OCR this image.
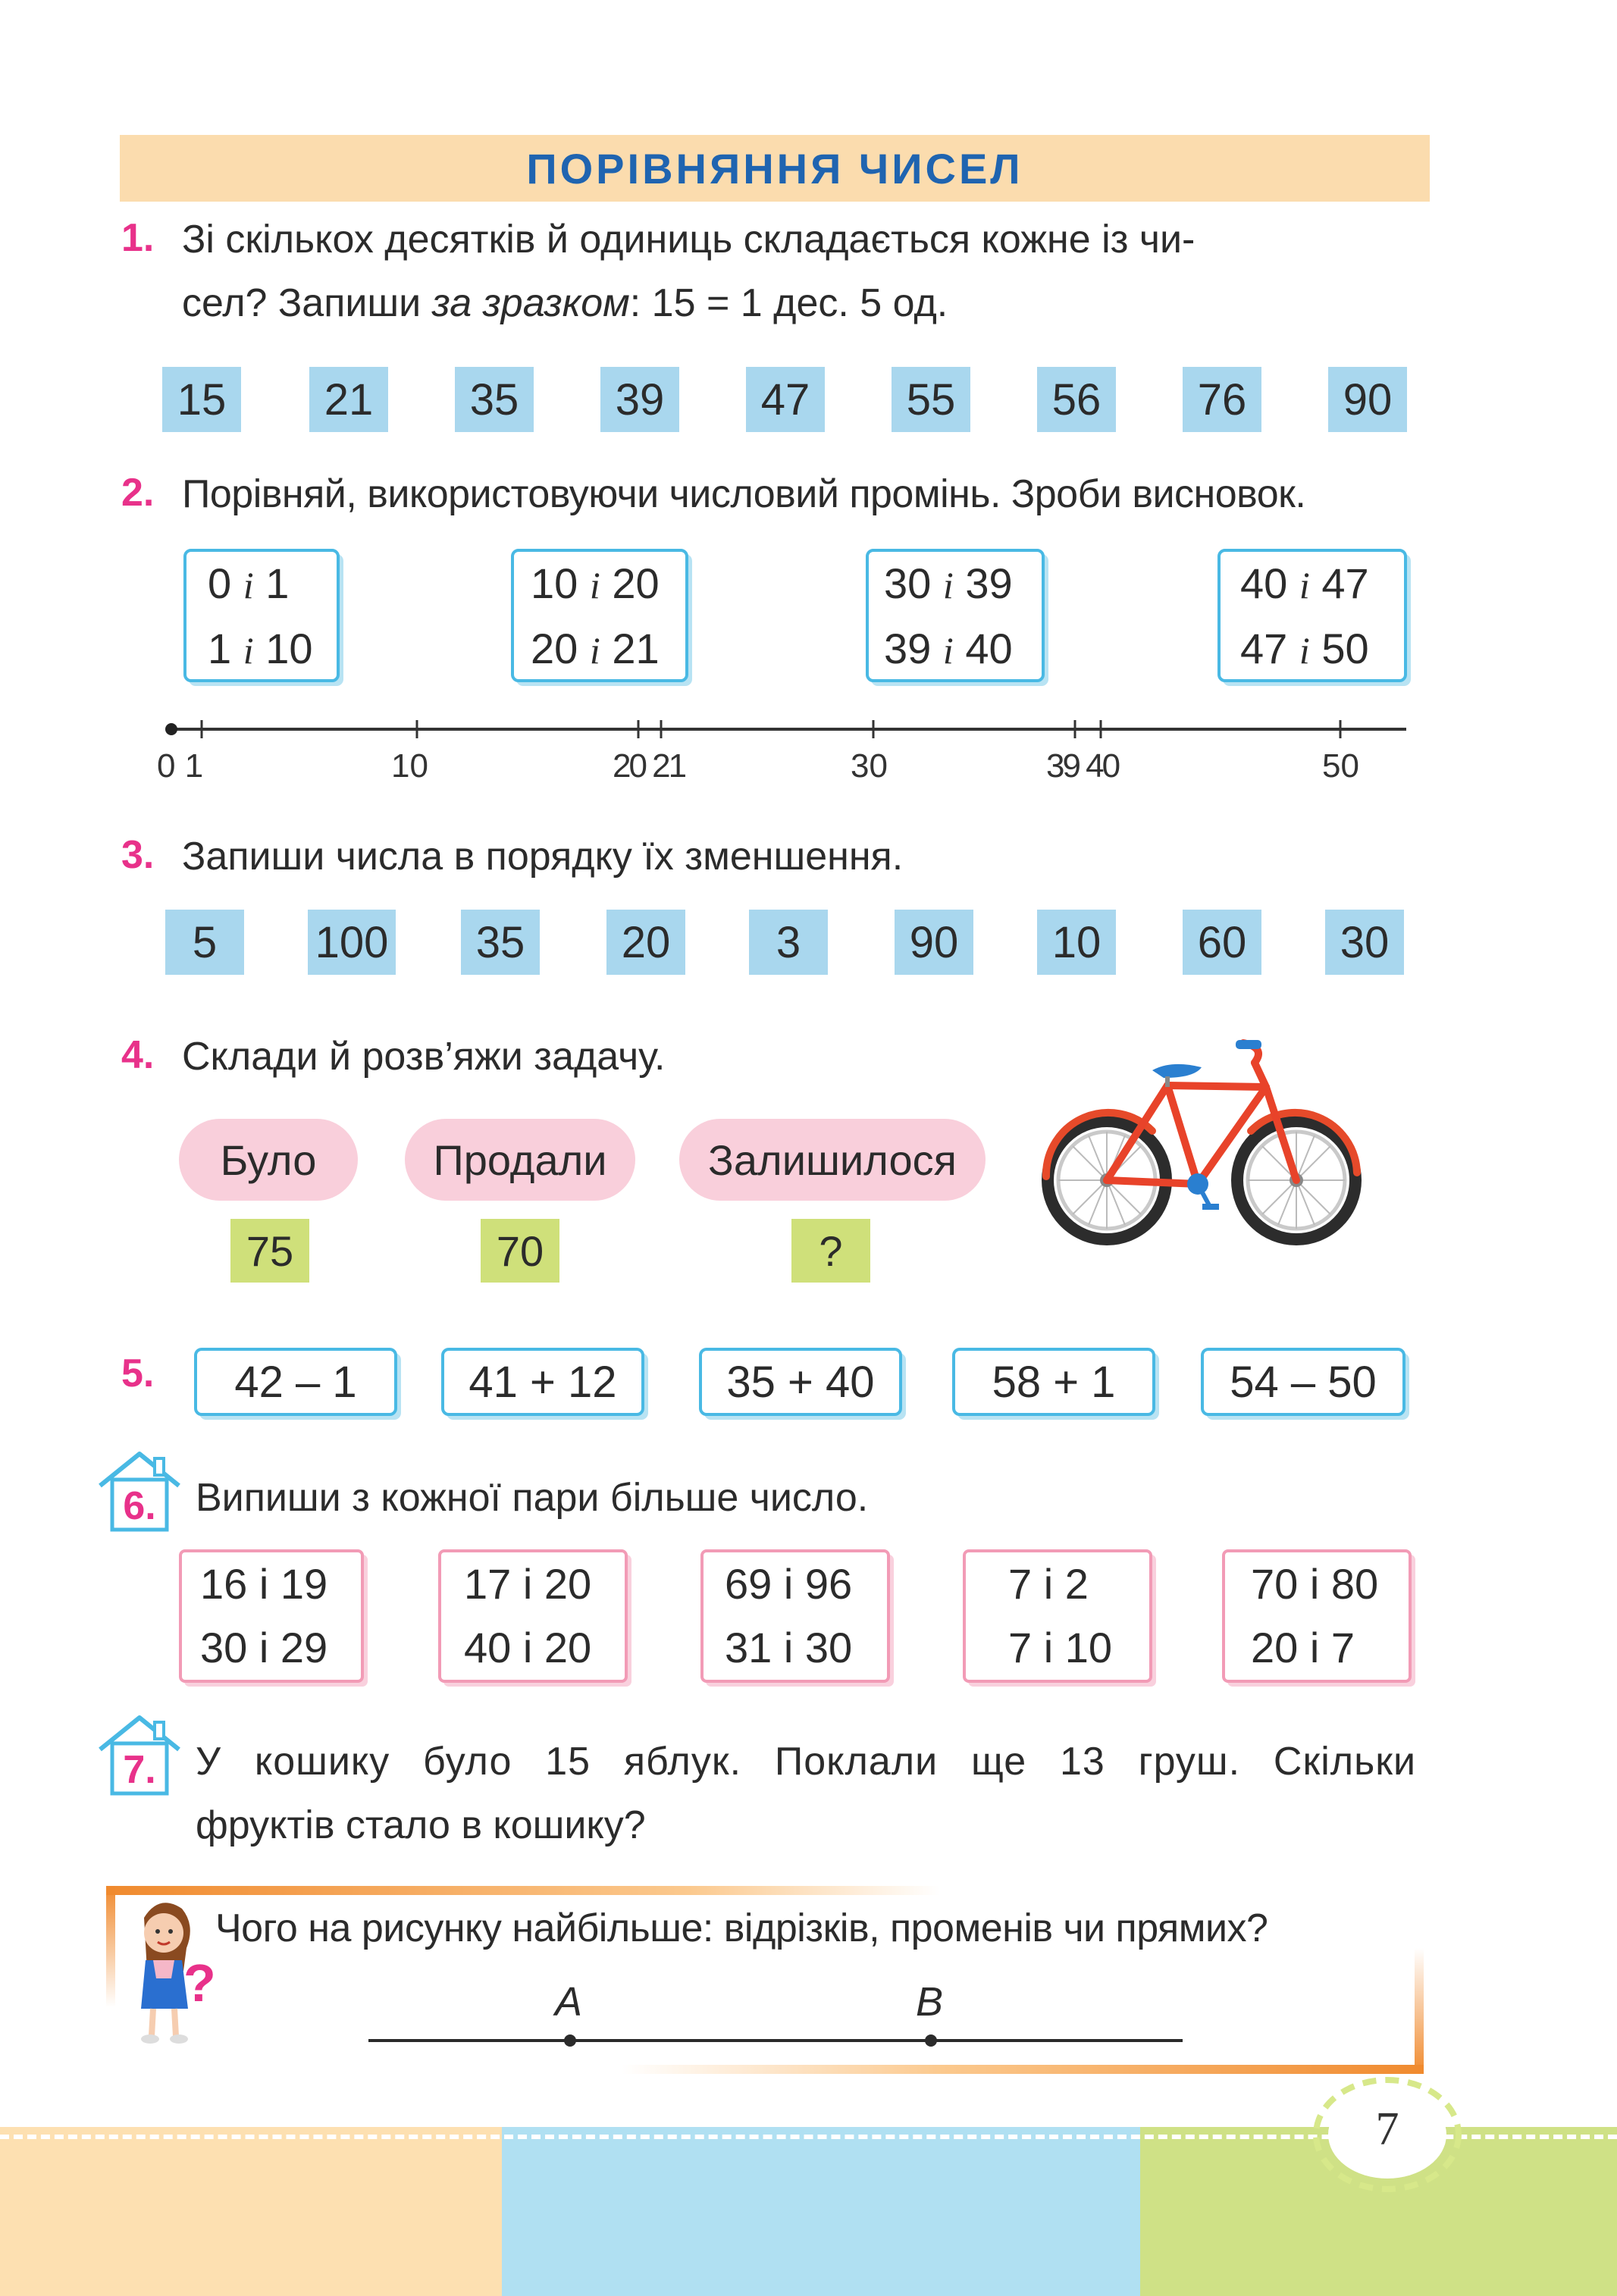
ПОРІВНЯННЯ ЧИСЕЛ
1. Зі скількох десятків й одиниць складається кожне із чи-
сел? Запиши за зразком: 15 = 1 дес. 5 од.
15	21	35	39	47	55	56	76	90
2. Порівняй, використовуючи числовий промінь. Зроби висновок.
0 і 1
1 і 10
10 і 20
20 і 21
30 і 39
39 і 40
40 і 47
47 і 50
0 1	10	20 21	30	39 40	50
3. Запиши числа в порядку їх зменшення.
5	100	35	20	3	90	10	60	30
4. Склади й розв’яжи задачу.
Було	Продали	Залишилося
75	70	?
5.	42 – 1	41 + 12	35 + 40	58 + 1	54 – 50
6. Випиши з кожної пари більше число.
16 і 19
30 і 29
17 і 20
40 і 20
69 і 96
31 і 30
7 і 2
7 і 10
70 і 80
20 і 7
7. У кошику було 15 яблук. Поклали ще 13 груш. Скільки
фруктів стало в кошику?
?
Чого на рисунку найбільше: відрізків, променів чи прямих?
A	B
7
